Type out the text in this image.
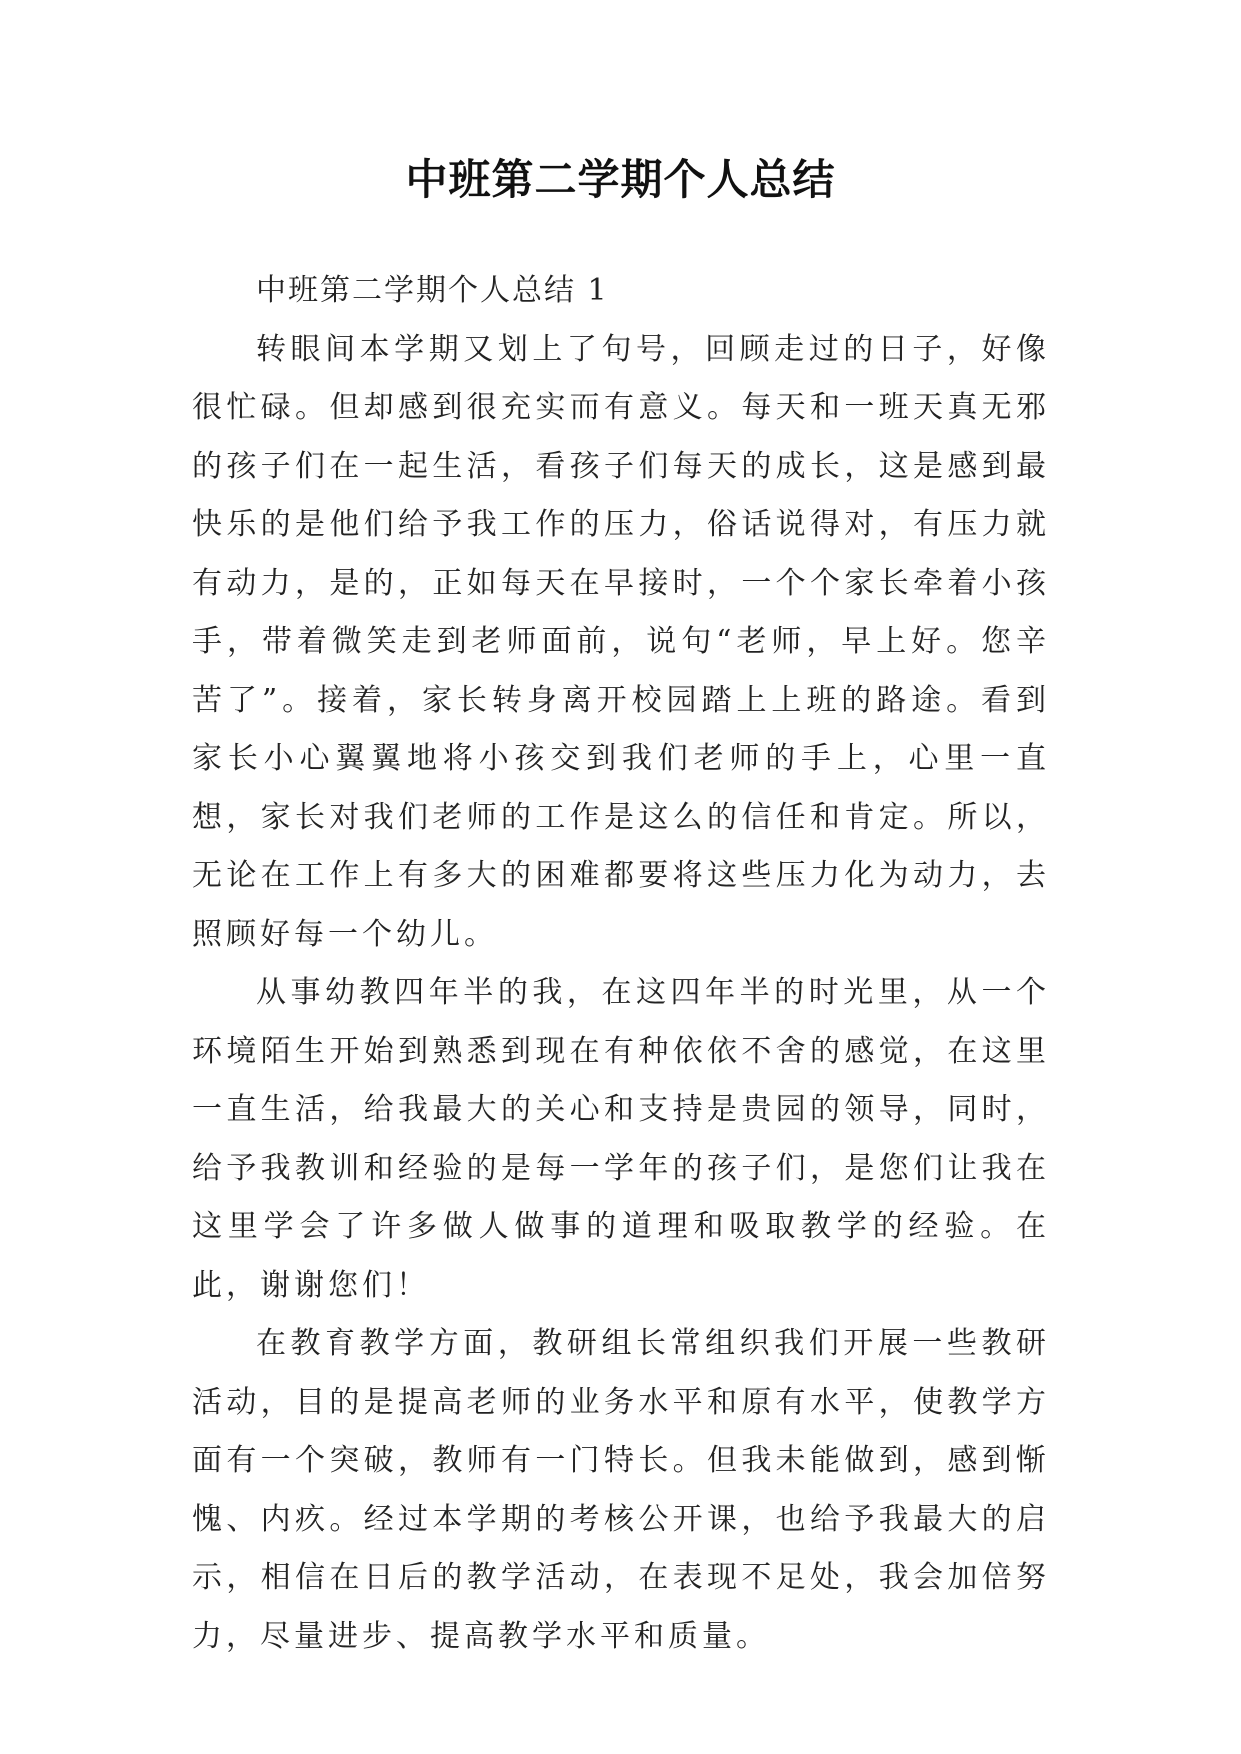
中班第二学期个人总结

中班第二学期个人总结 1

转眼间本学期又划上了句号，回顾走过的日子，好像很忙碌。但却感到很充实而有意义。每天和一班天真无邪的孩子们在一起生活，看孩子们每天的成长，这是感到最快乐的是他们给予我工作的压力，俗话说得对，有压力就有动力，是的，正如每天在早接时，一个个家长牵着小孩手，带着微笑走到老师面前，说句“老师，早上好。您辛苦了”。接着，家长转身离开校园踏上上班的路途。看到家长小心翼翼地将小孩交到我们老师的手上，心里一直想，家长对我们老师的工作是这么的信任和肯定。所以，无论在工作上有多大的困难都要将这些压力化为动力，去照顾好每一个幼儿。

从事幼教四年半的我，在这四年半的时光里，从一个环境陌生开始到熟悉到现在有种依依不舍的感觉，在这里一直生活，给我最大的关心和支持是贵园的领导，同时，给予我教训和经验的是每一学年的孩子们，是您们让我在这里学会了许多做人做事的道理和吸取教学的经验。在此，谢谢您们！

在教育教学方面，教研组长常组织我们开展一些教研活动，目的是提高老师的业务水平和原有水平，使教学方面有一个突破，教师有一门特长。但我未能做到，感到惭愧、内疚。经过本学期的考核公开课，也给予我最大的启示，相信在日后的教学活动，在表现不足处，我会加倍努力，尽量进步、提高教学水平和质量。
